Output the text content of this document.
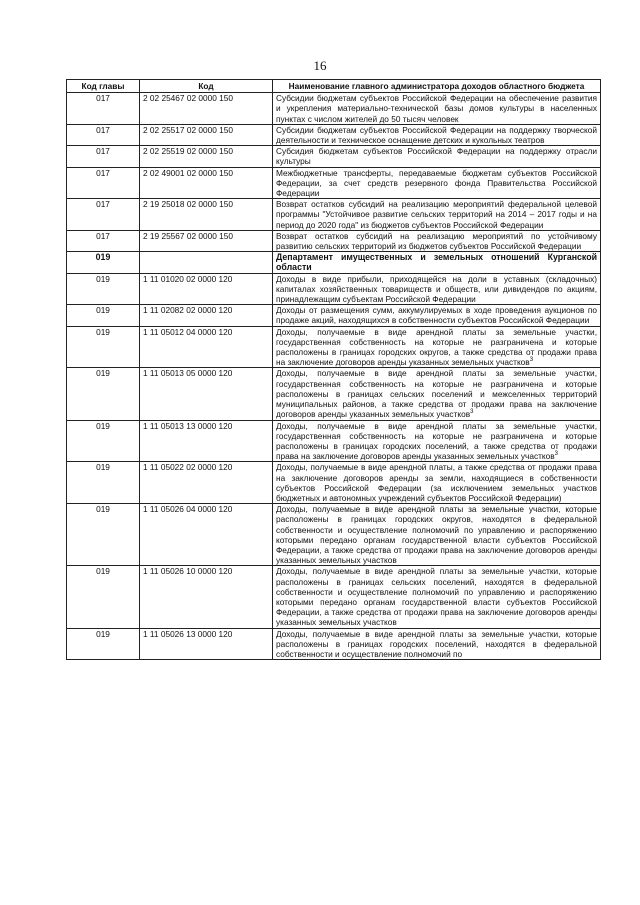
16
Код главы	Код	Наименование главного администратора доходов областного бюджета
017	2 02 25467 02 0000 150	Субсидии бюджетам субъектов Российской Федерации на обеспечение развития и укрепления материально-технической базы домов культуры в населенных пунктах с числом жителей до 50 тысяч человек
017	2 02 25517 02 0000 150	Субсидии бюджетам субъектов Российской Федерации на поддержку творческой деятельности и техническое оснащение детских и кукольных театров
017	2 02 25519 02 0000 150	Субсидия бюджетам субъектов Российской Федерации на поддержку отрасли культуры
017	2 02 49001 02 0000 150	Межбюджетные трансферты, передаваемые бюджетам субъектов Российской Федерации, за счет средств резервного фонда Правительства Российской Федерации
017	2 19 25018 02 0000 150	Возврат остатков субсидий на реализацию мероприятий федеральной целевой программы "Устойчивое развитие сельских территорий на 2014 – 2017 годы и на период до 2020 года" из бюджетов субъектов Российской Федерации
017	2 19 25567 02 0000 150	Возврат остатков субсидий на реализацию мероприятий по устойчивому развитию сельских территорий из бюджетов субъектов Российской Федерации
019		Департамент имущественных и земельных отношений Курганской области
019	1 11 01020 02 0000 120	Доходы в виде прибыли, приходящейся на доли в уставных (складочных) капиталах хозяйственных товариществ и обществ, или дивидендов по акциям, принадлежащим субъектам Российской Федерации
019	1 11 02082 02 0000 120	Доходы от размещения сумм, аккумулируемых в ходе проведения аукционов по продаже акций, находящихся в собственности субъектов Российской Федерации
019	1 11 05012 04 0000 120	Доходы, получаемые в виде арендной платы за земельные участки, государственная собственность на которые не разграничена и которые расположены в границах городских округов, а также средства от продажи права на заключение договоров аренды указанных земельных участков$^3$
019	1 11 05013 05 0000 120	Доходы, получаемые в виде арендной платы за земельные участки, государственная собственность на которые не разграничена и которые расположены в границах сельских поселений и межселенных территорий муниципальных районов, а также средства от продажи права на заключение договоров аренды указанных земельных участков$^3$
019	1 11 05013 13 0000 120	Доходы, получаемые в виде арендной платы за земельные участки, государственная собственность на которые не разграничена и которые расположены в границах городских поселений, а также средства от продажи права на заключение договоров аренды указанных земельных участков$^3$
019	1 11 05022 02 0000 120	Доходы, получаемые в виде арендной платы, а также средства от продажи права на заключение договоров аренды за земли, находящиеся в собственности субъектов Российской Федерации (за исключением земельных участков бюджетных и автономных учреждений субъектов Российской Федерации)
019	1 11 05026 04 0000 120	Доходы, получаемые в виде арендной платы за земельные участки, которые расположены в границах городских округов, находятся в федеральной собственности и осуществление полномочий по управлению и распоряжению которыми передано органам государственной власти субъектов Российской Федерации, а также средства от продажи права на заключение договоров аренды указанных земельных участков
019	1 11 05026 10 0000 120	Доходы, получаемые в виде арендной платы за земельные участки, которые расположены в границах сельских поселений, находятся в федеральной собственности и осуществление полномочий по управлению и распоряжению которыми передано органам государственной власти субъектов Российской Федерации, а также средства от продажи права на заключение договоров аренды указанных земельных участков
019	1 11 05026 13 0000 120	Доходы, получаемые в виде арендной платы за земельные участки, которые расположены в границах городских поселений, находятся в федеральной собственности и осуществление полномочий по
